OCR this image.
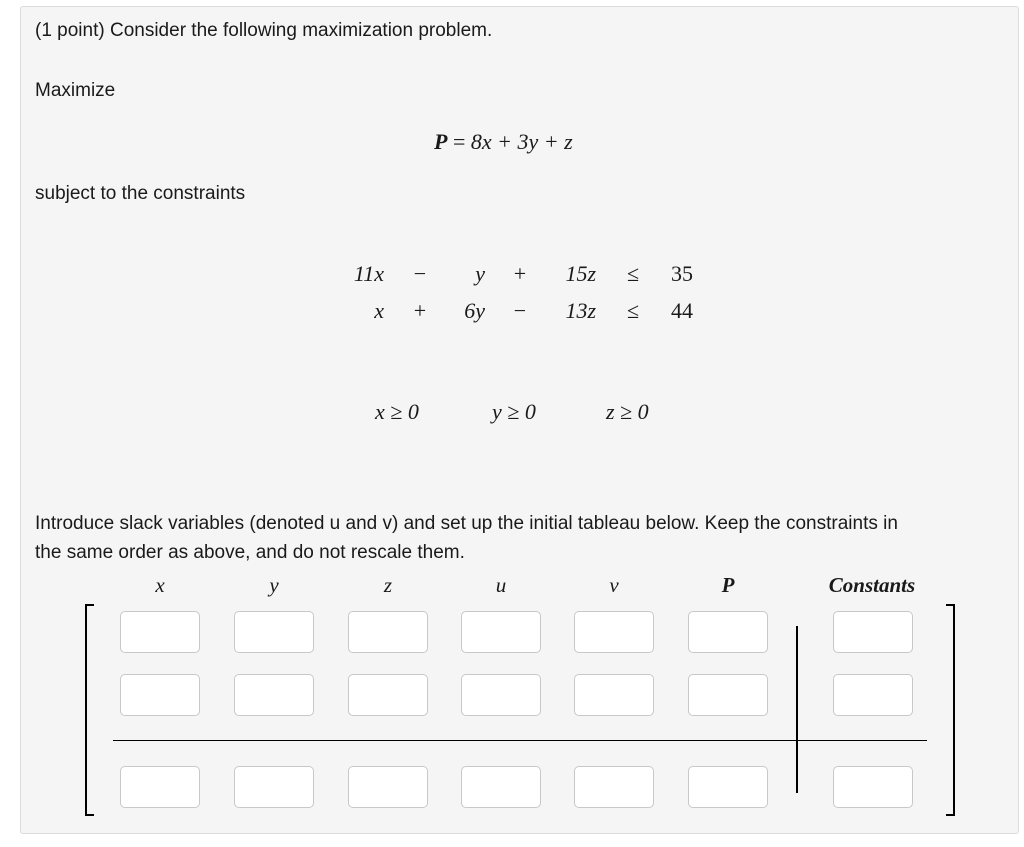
(1 point) Consider the following maximization problem.
Maximize
P = 8x + 3y + z
subject to the constraints
11x	−	y	+	15z	≤	35
x	+	6y	−	13z	≤	44
x ≥ 0	y ≥ 0	z ≥ 0
Introduce slack variables (denoted u and v) and set up the initial tableau below. Keep the constraints in
the same order as above, and do not rescale them.
x	y	z	u	v	P	Constants
